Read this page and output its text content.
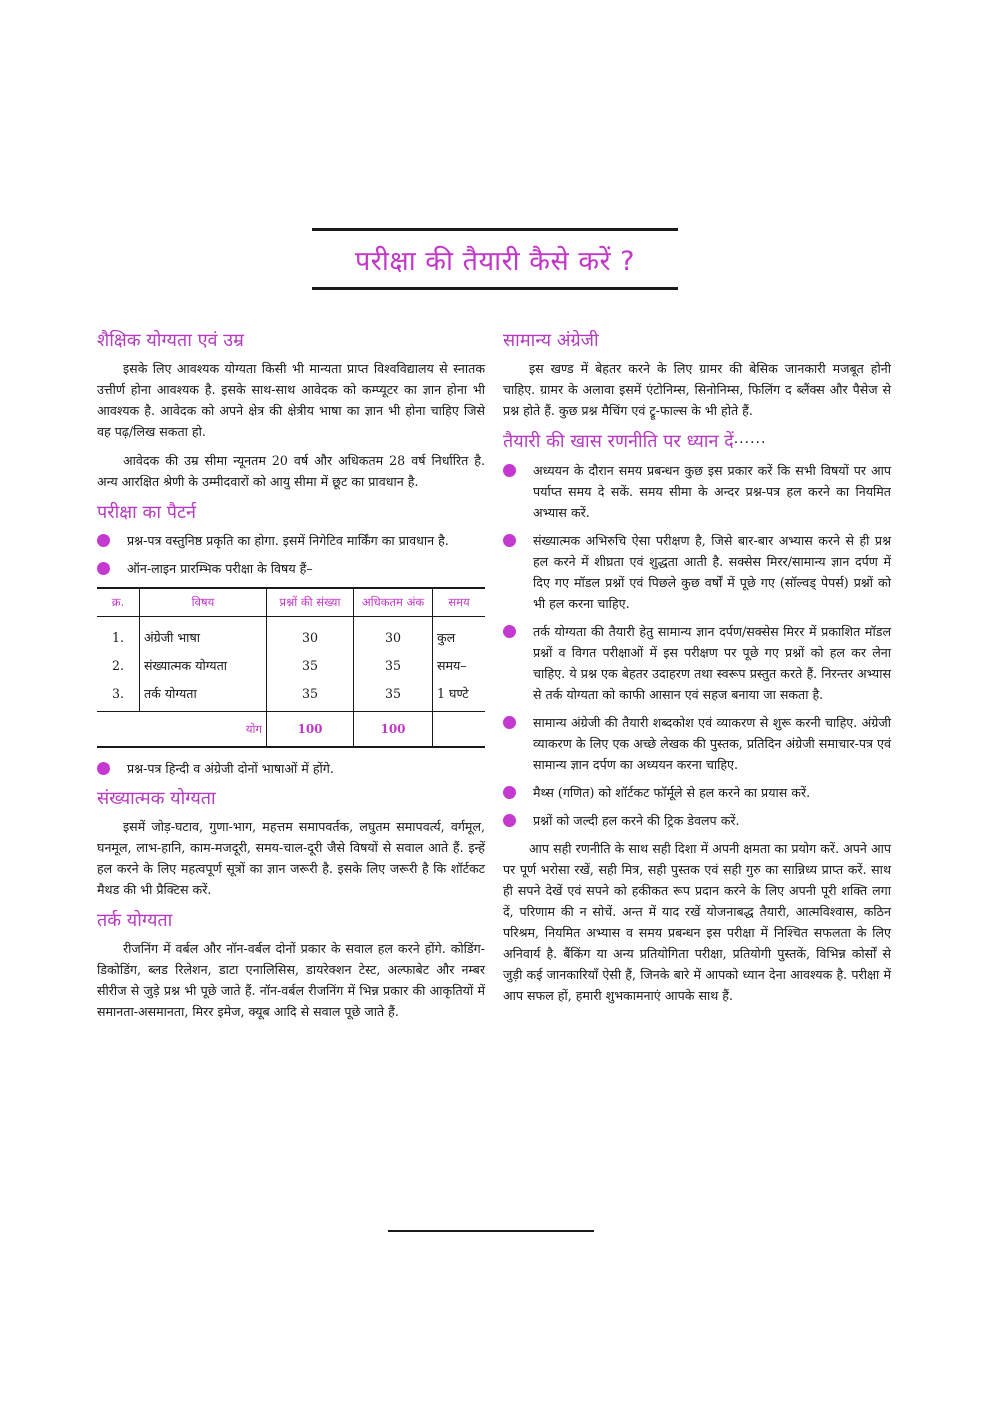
परीक्षा की तैयारी कैसे करें ?
शैक्षिक योग्यता एवं उम्र

इसके लिए आवश्यक योग्यता किसी भी मान्यता प्राप्त विश्वविद्यालय से स्नातक उत्तीर्ण होना आवश्यक है. इसके साथ-साथ आवेदक को कम्प्यूटर का ज्ञान होना भी आवश्यक है. आवेदक को अपने क्षेत्र की क्षेत्रीय भाषा का ज्ञान भी होना चाहिए जिसे वह पढ़/लिख सकता हो.

आवेदक की उम्र सीमा न्यूनतम 20 वर्ष और अधिकतम 28 वर्ष निर्धारित है. अन्य आरक्षित श्रेणी के उम्मीदवारों को आयु सीमा में छूट का प्रावधान है.

परीक्षा का पैटर्न
प्रश्न-पत्र वस्तुनिष्ठ प्रकृति का होगा. इसमें निगेटिव मार्किंग का प्रावधान है.
ऑन-लाइन प्रारम्भिक परीक्षा के विषय हैं–
क्र.	विषय	प्रश्नों की संख्या	अधिकतम अंक	समय
1.	अंग्रेजी भाषा	30	30	कुल
2.	संख्यात्मक योग्यता	35	35	समय–
3.	तर्क योग्यता	35	35	1 घण्टे
योग		100	100	
प्रश्न-पत्र हिन्दी व अंग्रेजी दोनों भाषाओं में होंगे.
संख्यात्मक योग्यता

इसमें जोड़-घटाव, गुणा-भाग, महत्तम समापवर्तक, लघुतम समापवर्त्य, वर्गमूल, घनमूल, लाभ-हानि, काम-मजदूरी, समय-चाल-दूरी जैसे विषयों से सवाल आते हैं. इन्हें हल करने के लिए महत्वपूर्ण सूत्रों का ज्ञान जरूरी है. इसके लिए जरूरी है कि शॉर्टकट मैथड की भी प्रैक्टिस करें.

तर्क योग्यता

रीजनिंग में वर्बल और नॉन-वर्बल दोनों प्रकार के सवाल हल करने होंगे. कोडिंग-डिकोडिंग, ब्लड रिलेशन, डाटा एनालिसिस, डायरेक्शन टेस्ट, अल्फाबेट और नम्बर सीरीज से जुड़े प्रश्न भी पूछे जाते हैं. नॉन-वर्बल रीजनिंग में भिन्न प्रकार की आकृतियों में समानता-असमानता, मिरर इमेज, क्यूब आदि से सवाल पूछे जाते हैं.

सामान्य अंग्रेजी

इस खण्ड में बेहतर करने के लिए ग्रामर की बेसिक जानकारी मजबूत होनी चाहिए. ग्रामर के अलावा इसमें एंटोनिम्स, सिनोनिम्स, फिलिंग द ब्लैंक्स और पैसेज से प्रश्न होते हैं. कुछ प्रश्न मैचिंग एवं ट्रू-फाल्स के भी होते हैं.

तैयारी की खास रणनीति पर ध्यान दें······
अध्ययन के दौरान समय प्रबन्धन कुछ इस प्रकार करें कि सभी विषयों पर आप पर्याप्त समय दे सकें. समय सीमा के अन्दर प्रश्न-पत्र हल करने का नियमित अभ्यास करें.
संख्यात्मक अभिरुचि ऐसा परीक्षण है, जिसे बार-बार अभ्यास करने से ही प्रश्न हल करने में शीघ्रता एवं शुद्धता आती है. सक्सेस मिरर/सामान्य ज्ञान दर्पण में दिए गए मॉडल प्रश्नों एवं पिछले कुछ वर्षों में पूछे गए (सॉल्वड् पेपर्स) प्रश्नों को भी हल करना चाहिए.
तर्क योग्यता की तैयारी हेतु सामान्य ज्ञान दर्पण/सक्सेस मिरर में प्रकाशित मॉडल प्रश्नों व विगत परीक्षाओं में इस परीक्षण पर पूछे गए प्रश्नों को हल कर लेना चाहिए. ये प्रश्न एक बेहतर उदाहरण तथा स्वरूप प्रस्तुत करते हैं. निरन्तर अभ्यास से तर्क योग्यता को काफी आसान एवं सहज बनाया जा सकता है.
सामान्य अंग्रेजी की तैयारी शब्दकोश एवं व्याकरण से शुरू करनी चाहिए. अंग्रेजी व्याकरण के लिए एक अच्छे लेखक की पुस्तक, प्रतिदिन अंग्रेजी समाचार-पत्र एवं सामान्य ज्ञान दर्पण का अध्ययन करना चाहिए.
मैथ्स (गणित) को शॉर्टकट फॉर्मूले से हल करने का प्रयास करें.
प्रश्नों को जल्दी हल करने की ट्रिक डेवलप करें.

आप सही रणनीति के साथ सही दिशा में अपनी क्षमता का प्रयोग करें. अपने आप पर पूर्ण भरोसा रखें, सही मित्र, सही पुस्तक एवं सही गुरु का सान्निध्य प्राप्त करें. साथ ही सपने देखें एवं सपने को हकीकत रूप प्रदान करने के लिए अपनी पूरी शक्ति लगा दें, परिणाम की न सोचें. अन्त में याद रखें योजनाबद्ध तैयारी, आत्मविश्वास, कठिन परिश्रम, नियमित अभ्यास व समय प्रबन्धन इस परीक्षा में निश्चित सफलता के लिए अनिवार्य है. बैंकिंग या अन्य प्रतियोगिता परीक्षा, प्रतियोगी पुस्तकें, विभिन्न कोर्सों से जुड़ी कई जानकारियाँ ऐसी हैं, जिनके बारे में आपको ध्यान देना आवश्यक है. परीक्षा में आप सफल हों, हमारी शुभकामनाएं आपके साथ हैं.
